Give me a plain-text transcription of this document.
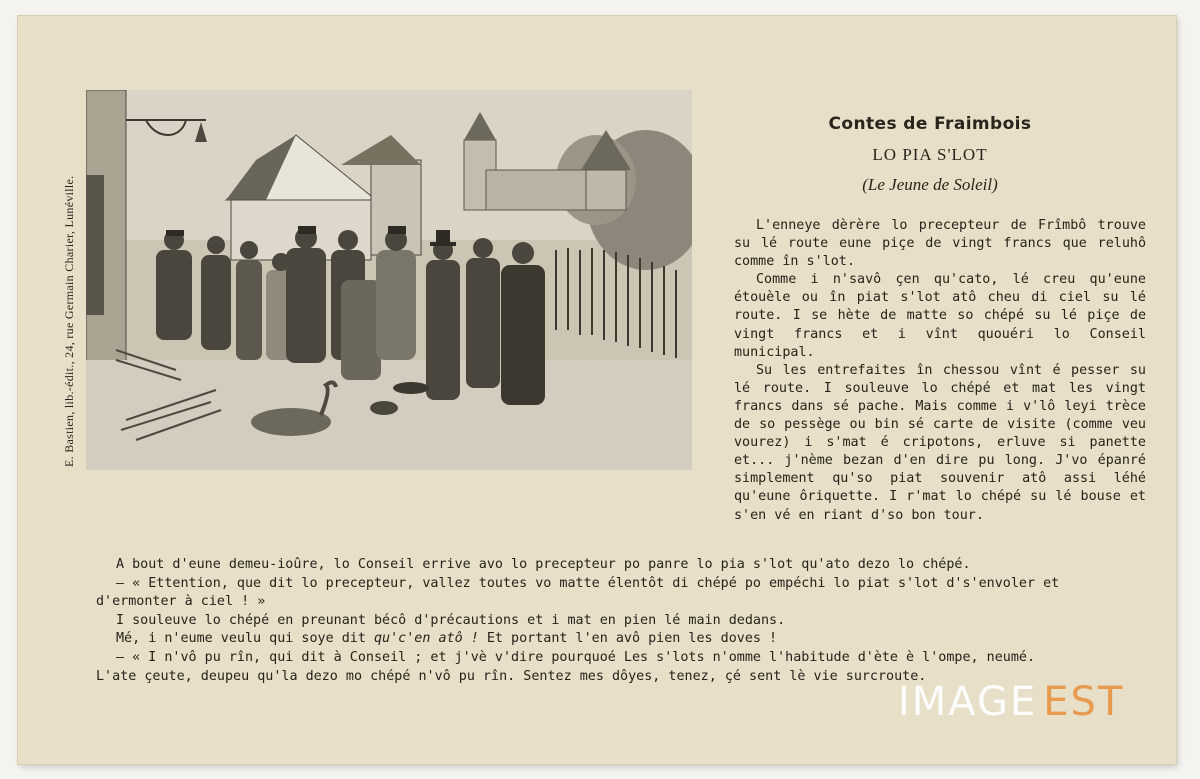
E. Bastien, lib.-édit., 24, rue Germain Charier, Lunéville.
Contes de Fraimbois
LO PIA S'LOT
(Le Jeune de Soleil)

L'enneye dèrère lo precepteur de Frîmbô trouve su lé route eune piçe de vingt francs que reluhô comme în s'lot.

Comme i n'savô çen qu'cato, lé creu qu'eune étouèle ou în piat s'lot atô cheu di ciel su lé route. I se hète de matte so chépé su lé piçe de vingt francs et i vînt quouéri lo Conseil municipal.

Su les entrefaites în chessou vînt é pesser su lé route. I souleuve lo chépé et mat les vingt francs dans sé pache. Mais comme i v'lô leyi trèce de so pessège ou bin sé carte de visite (comme veu vourez) i s'mat é cripotons, erluve si panette et... j'nème bezan d'en dire pu long. J'vo épanré simplement qu'so piat souvenir atô assi léhé qu'eune ôriquette. I r'mat lo chépé su lé bouse et s'en vé en riant d'so bon tour.

A bout d'eune demeu-ioûre, lo Conseil errive avo lo precepteur po panre lo pia s'lot qu'ato dezo lo chépé.

— « Ettention, que dit lo precepteur, vallez toutes vo matte élentôt di chépé po empéchi lo piat s'lot d's'envoler et d'ermonter à ciel ! »

I souleuve lo chépé en preunant bécô d'précautions et i mat en pien lé main dedans.

Mé, i n'eume veulu qui soye dit qu'c'en atô ! Et portant l'en avô pien les doves !

— « I n'vô pu rîn, qui dit à Conseil ; et j'vè v'dire pourquoé Les s'lots n'omme l'habitude d'ète è l'ompe, neumé.

L'ate çeute, deupeu qu'la dezo mo chépé n'vô pu rîn. Sentez mes dôyes, tenez, çé sent lè vie surcroute.

IMAGE EST
